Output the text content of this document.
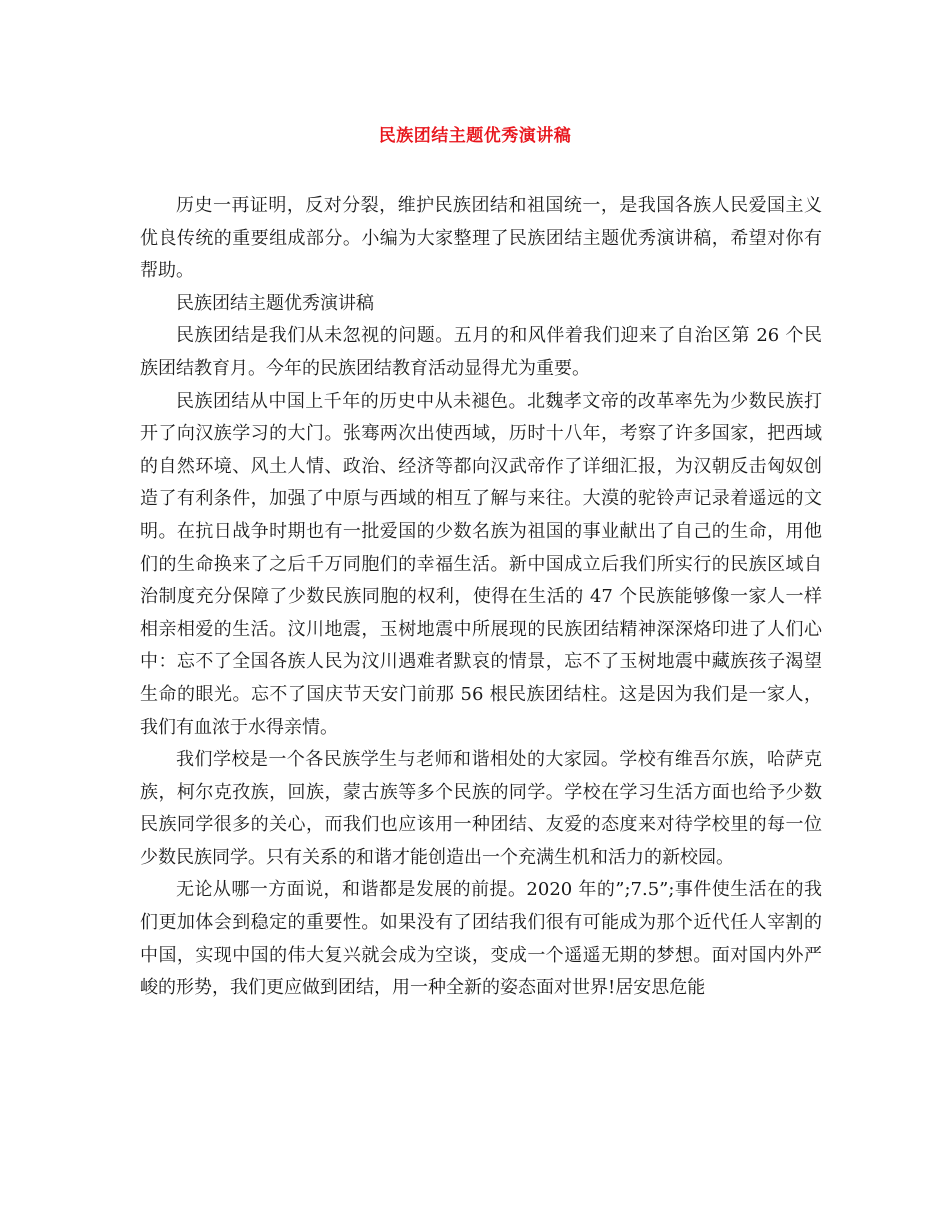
民族团结主题优秀演讲稿

历史一再证明，反对分裂，维护民族团结和祖国统一，是我国各族人民爱国主义优良传统的重要组成部分。小编为大家整理了民族团结主题优秀演讲稿，希望对你有帮助。

民族团结主题优秀演讲稿

民族团结是我们从未忽视的问题。五月的和风伴着我们迎来了自治区第 26 个民族团结教育月。今年的民族团结教育活动显得尤为重要。

民族团结从中国上千年的历史中从未褪色。北魏孝文帝的改革率先为少数民族打开了向汉族学习的大门。张骞两次出使西域，历时十八年，考察了许多国家，把西域的自然环境、风土人情、政治、经济等都向汉武帝作了详细汇报，为汉朝反击匈奴创造了有利条件，加强了中原与西域的相互了解与来往。大漠的驼铃声记录着遥远的文明。在抗日战争时期也有一批爱国的少数名族为祖国的事业献出了自己的生命，用他们的生命换来了之后千万同胞们的幸福生活。新中国成立后我们所实行的民族区域自治制度充分保障了少数民族同胞的权利，使得在生活的 47 个民族能够像一家人一样相亲相爱的生活。汶川地震，玉树地震中所展现的民族团结精神深深烙印进了人们心中：忘不了全国各族人民为汶川遇难者默哀的情景，忘不了玉树地震中藏族孩子渴望生命的眼光。忘不了国庆节天安门前那 56 根民族团结柱。这是因为我们是一家人，我们有血浓于水得亲情。

我们学校是一个各民族学生与老师和谐相处的大家园。学校有维吾尔族，哈萨克族，柯尔克孜族，回族，蒙古族等多个民族的同学。学校在学习生活方面也给予少数民族同学很多的关心，而我们也应该用一种团结、友爱的态度来对待学校里的每一位少数民族同学。只有关系的和谐才能创造出一个充满生机和活力的新校园。

无论从哪一方面说，和谐都是发展的前提。2020 年的”;7.5”;事件使生活在的我们更加体会到稳定的重要性。如果没有了团结我们很有可能成为那个近代任人宰割的中国，实现中国的伟大复兴就会成为空谈，变成一个遥遥无期的梦想。面对国内外严峻的形势，我们更应做到团结，用一种全新的姿态面对世界!居安思危能
